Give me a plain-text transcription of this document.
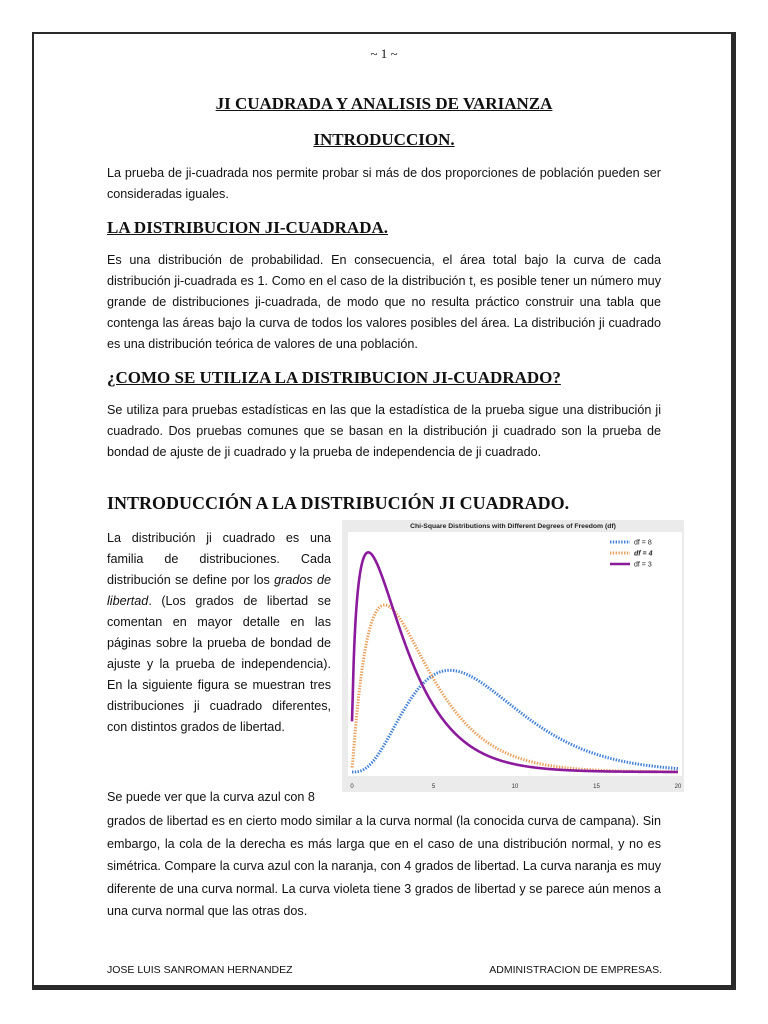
~ 1 ~
JI CUADRADA Y ANALISIS DE VARIANZA
INTRODUCCION.

La prueba de ji-cuadrada nos permite probar si más de dos proporciones de población pueden ser consideradas iguales.

LA DISTRIBUCION JI-CUADRADA.

Es una distribución de probabilidad. En consecuencia, el área total bajo la curva de cada distribución ji-cuadrada es 1. Como en el caso de la distribución t, es posible tener un número muy grande de distribuciones ji-cuadrada, de modo que no resulta práctico construir una tabla que contenga las áreas bajo la curva de todos los valores posibles del área. La distribución ji cuadrado es una distribución teórica de valores de una población.

¿COMO SE UTILIZA LA DISTRIBUCION JI-CUADRADO?

Se utiliza para pruebas estadísticas en las que la estadística de la prueba sigue una distribución ji cuadrado. Dos pruebas comunes que se basan en la distribución ji cuadrado son la prueba de bondad de ajuste de ji cuadrado y la prueba de independencia de ji cuadrado.

INTRODUCCIÓN A LA DISTRIBUCIÓN JI CUADRADO.

La distribución ji cuadrado es una familia de distribuciones. Cada distribución se define por los grados de libertad. (Los grados de libertad se comentan en mayor detalle en las páginas sobre la prueba de bondad de ajuste y la prueba de independencia). En la siguiente figura se muestran tres distribuciones ji cuadrado diferentes, con distintos grados de libertad.

Se puede ver que la curva azul con 8

grados de libertad es en cierto modo similar a la curva normal (la conocida curva de campana). Sin embargo, la cola de la derecha es más larga que en el caso de una distribución normal, y no es simétrica. Compare la curva azul con la naranja, con 4 grados de libertad. La curva naranja es muy diferente de una curva normal. La curva violeta tiene 3 grados de libertad y se parece aún menos a una curva normal que las otras dos.

JOSE LUIS SANROMAN HERNANDEZ	ADMINISTRACION DE EMPRESAS.
Chi-Square Distributions with Different Degrees of Freedom (df)
0	5	10	15	20
df = 8
df = 4
df = 3
